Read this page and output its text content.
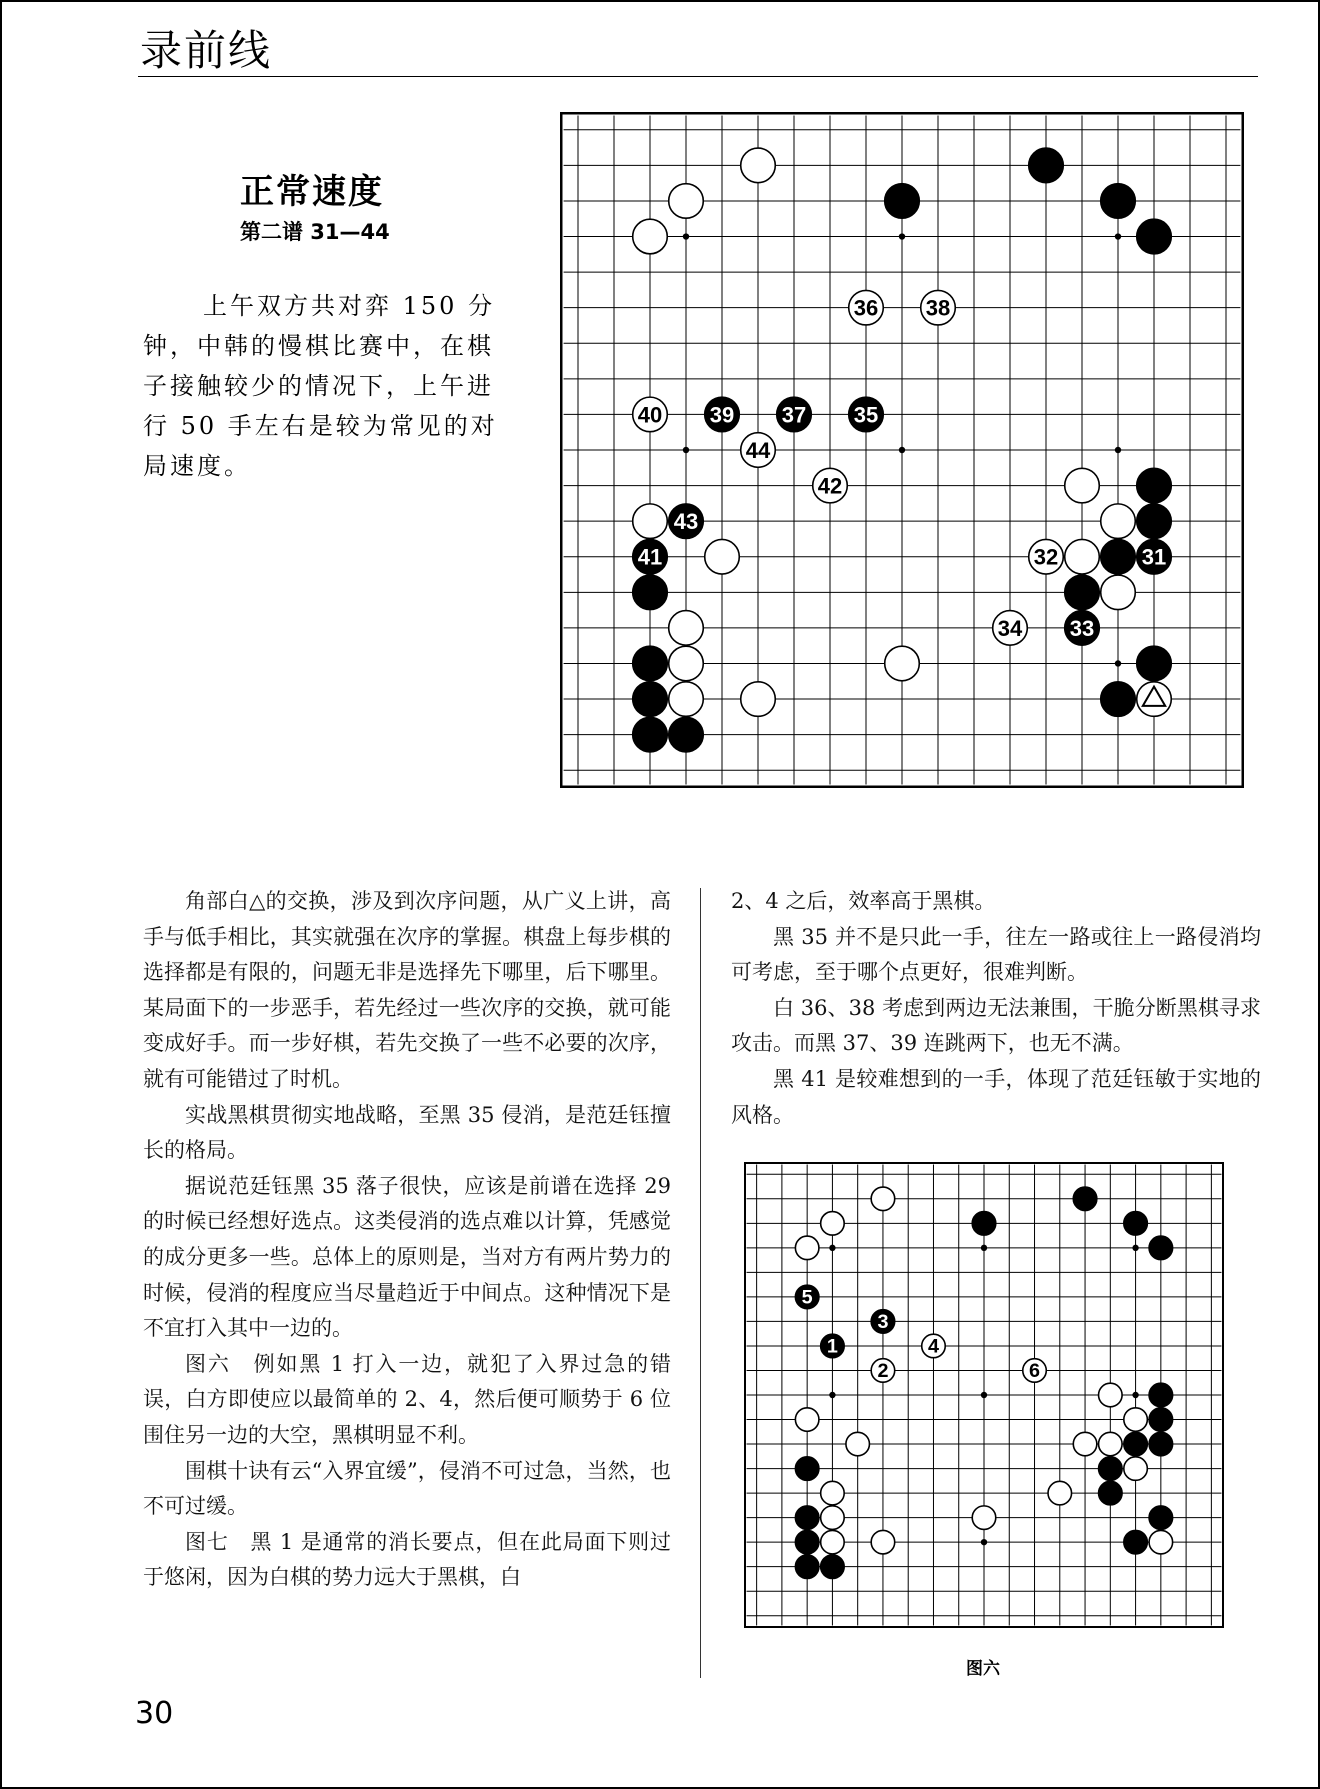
录前线
正常速度
第二谱 31—44

上午双方共对弈 150 分钟，中韩的慢棋比赛中，在棋子接触较少的情况下，上午进行 50 手左右是较为常见的对局速度。

36 38
40 39 37 35
44
42
43
41	32	31
34 33

角部白△的交换，涉及到次序问题，从广义上讲，高手与低手相比，其实就强在次序的掌握。棋盘上每步棋的选择都是有限的，问题无非是选择先下哪里，后下哪里。某局面下的一步恶手，若先经过一些次序的交换，就可能变成好手。而一步好棋，若先交换了一些不必要的次序，就有可能错过了时机。

实战黑棋贯彻实地战略，至黑 35 侵消，是范廷钰擅长的格局。

据说范廷钰黑 35 落子很快，应该是前谱在选择 29 的时候已经想好选点。这类侵消的选点难以计算，凭感觉的成分更多一些。总体上的原则是，当对方有两片势力的时候，侵消的程度应当尽量趋近于中间点。这种情况下是不宜打入其中一边的。

图六　例如黑 1 打入一边，就犯了入界过急的错误，白方即使应以最简单的 2、4，然后便可顺势于 6 位围住另一边的大空，黑棋明显不利。

围棋十诀有云“入界宜缓”，侵消不可过急，当然，也不可过缓。

图七　黑 1 是通常的消长要点，但在此局面下则过于悠闲，因为白棋的势力远大于黑棋，白

2、4 之后，效率高于黑棋。

黑 35 并不是只此一手，往左一路或往上一路侵消均可考虑，至于哪个点更好，很难判断。

白 36、38 考虑到两边无法兼围，干脆分断黑棋寻求攻击。而黑 37、39 连跳两下，也无不满。

黑 41 是较难想到的一手，体现了范廷钰敏于实地的风格。

5
3
4
1
2	6
图六
30
